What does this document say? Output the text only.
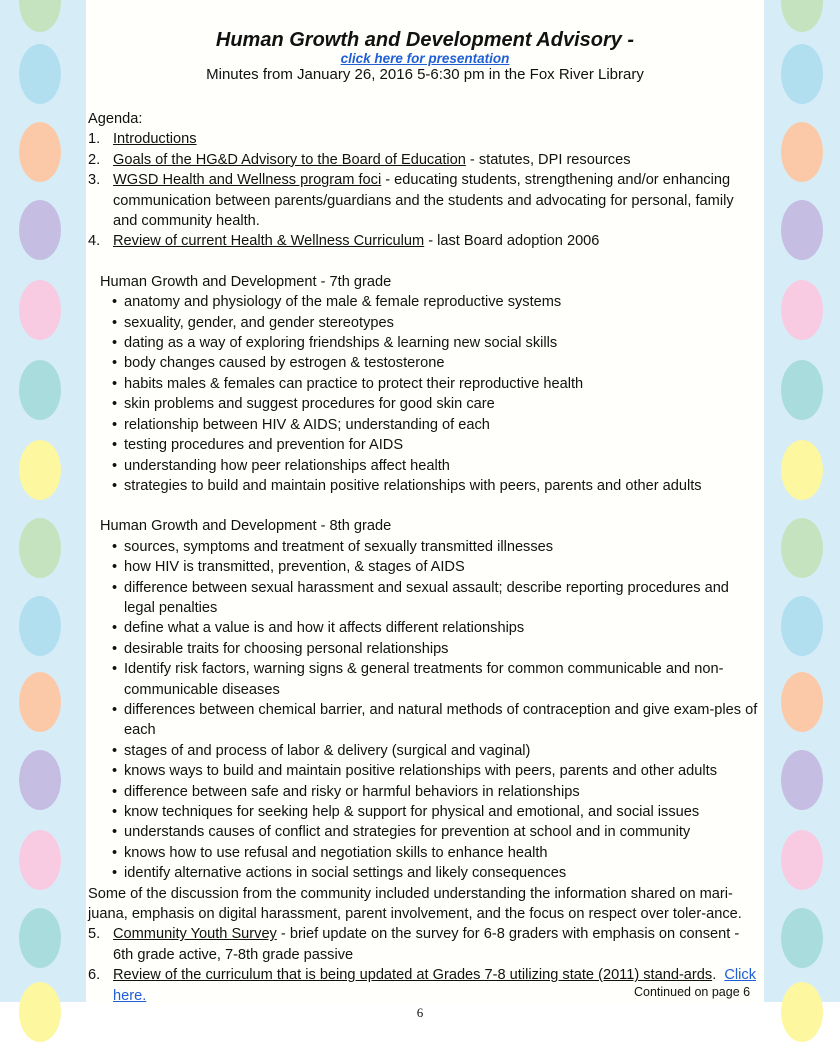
Human Growth and Development Advisory -
click here for presentation
Minutes from January 26, 2016 5-6:30 pm in the Fox River Library

Agenda:

1. Introductions
2. Goals of the HG&D Advisory to the Board of Education - statutes, DPI resources
3. WGSD Health and Wellness program foci - educating students, strengthening and/or enhancing communication between parents/guardians and the students and advocating for personal, family and community health.
4. Review of current Health & Wellness Curriculum - last Board adoption 2006

Human Growth and Development - 7th grade

• anatomy and physiology of the male & female reproductive systems
• sexuality, gender, and gender stereotypes
• dating as a way of exploring friendships & learning new social skills
• body changes caused by estrogen & testosterone
• habits males & females can practice to protect their reproductive health
• skin problems and suggest procedures for good skin care
• relationship between HIV & AIDS; understanding of each
• testing procedures and prevention for AIDS
• understanding how peer relationships affect health
• strategies to build and maintain positive relationships with peers, parents and other adults

Human Growth and Development - 8th grade

• sources, symptoms and treatment of sexually transmitted illnesses
• how HIV is transmitted, prevention, & stages of AIDS
• difference between sexual harassment and sexual assault; describe reporting procedures and legal penalties
• define what a value is and how it affects different relationships
• desirable traits for choosing personal relationships
• Identify risk factors, warning signs & general treatments for common communicable and non-communicable diseases
• differences between chemical barrier, and natural methods of contraception and give exam-ples of each
• stages of and process of labor & delivery (surgical and vaginal)
• knows ways to build and maintain positive relationships with peers, parents and other adults
• difference between safe and risky or harmful behaviors in relationships
• know techniques for seeking help & support for physical and emotional, and social issues
• understands causes of conflict and strategies for prevention at school and in community
• knows how to use refusal and negotiation skills to enhance health
• identify alternative actions in social settings and likely consequences

Some of the discussion from the community included understanding the information shared on mari-juana, emphasis on digital harassment, parent involvement, and the focus on respect over toler-ance.

5. Community Youth Survey - brief update on the survey for 6-8 graders with emphasis on consent - 6th grade active, 7-8th grade passive
6. Review of the curriculum that is being updated at Grades 7-8 utilizing state (2011) stand-ards.  Click here.	Continued on page 6
6
